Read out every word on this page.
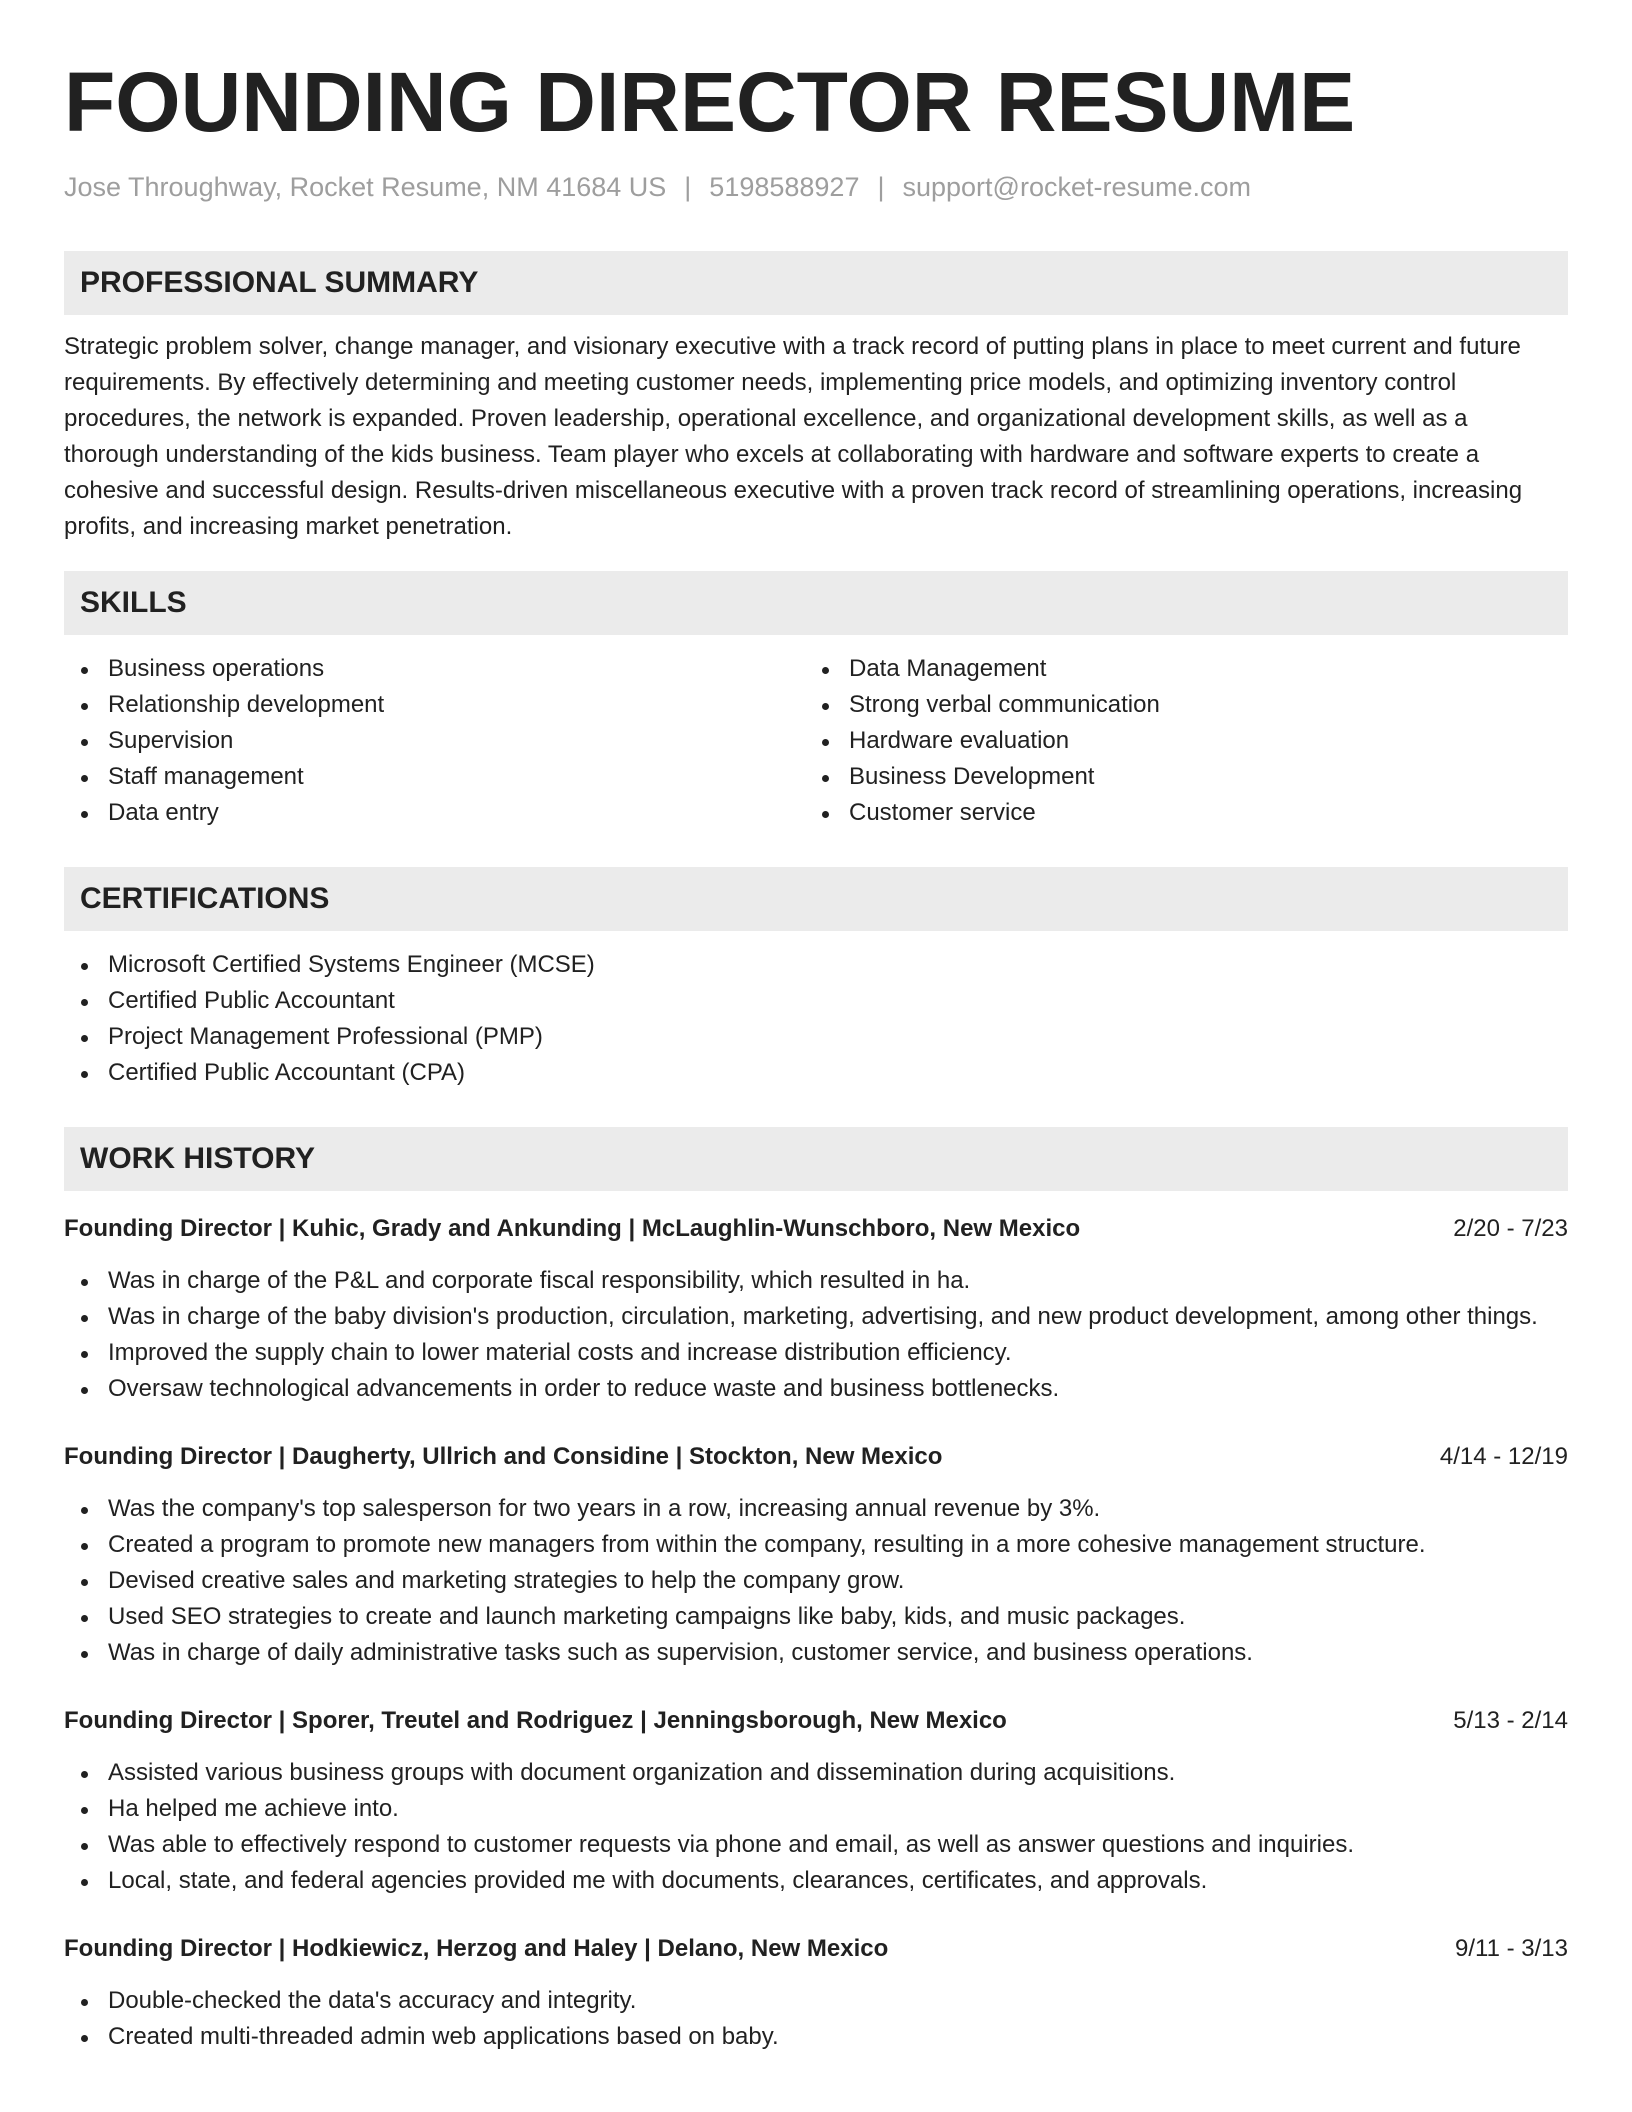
FOUNDING DIRECTOR RESUME
Jose Throughway, Rocket Resume, NM 41684 US | 5198588927 | support@rocket-resume.com
PROFESSIONAL SUMMARY

Strategic problem solver, change manager, and visionary executive with a track record of putting plans in place to meet current and future requirements. By effectively determining and meeting customer needs, implementing price models, and optimizing inventory control procedures, the network is expanded. Proven leadership, operational excellence, and organizational development skills, as well as a thorough understanding of the kids business. Team player who excels at collaborating with hardware and software experts to create a cohesive and successful design. Results-driven miscellaneous executive with a proven track record of streamlining operations, increasing profits, and increasing market penetration.

SKILLS
Business operations
Relationship development
Supervision
Staff management
Data entry
Data Management
Strong verbal communication
Hardware evaluation
Business Development
Customer service
CERTIFICATIONS
Microsoft Certified Systems Engineer (MCSE)
Certified Public Accountant
Project Management Professional (PMP)
Certified Public Accountant (CPA)
WORK HISTORY
Founding Director | Kuhic, Grady and Ankunding | McLaughlin-Wunschboro, New Mexico	2/20 - 7/23
Was in charge of the P&L and corporate fiscal responsibility, which resulted in ha.
Was in charge of the baby division's production, circulation, marketing, advertising, and new product development, among other things.
Improved the supply chain to lower material costs and increase distribution efficiency.
Oversaw technological advancements in order to reduce waste and business bottlenecks.
Founding Director | Daugherty, Ullrich and Considine | Stockton, New Mexico	4/14 - 12/19
Was the company's top salesperson for two years in a row, increasing annual revenue by 3%.
Created a program to promote new managers from within the company, resulting in a more cohesive management structure.
Devised creative sales and marketing strategies to help the company grow.
Used SEO strategies to create and launch marketing campaigns like baby, kids, and music packages.
Was in charge of daily administrative tasks such as supervision, customer service, and business operations.
Founding Director | Sporer, Treutel and Rodriguez | Jenningsborough, New Mexico	5/13 - 2/14
Assisted various business groups with document organization and dissemination during acquisitions.
Ha helped me achieve into.
Was able to effectively respond to customer requests via phone and email, as well as answer questions and inquiries.
Local, state, and federal agencies provided me with documents, clearances, certificates, and approvals.
Founding Director | Hodkiewicz, Herzog and Haley | Delano, New Mexico	9/11 - 3/13
Double-checked the data's accuracy and integrity.
Created multi-threaded admin web applications based on baby.
